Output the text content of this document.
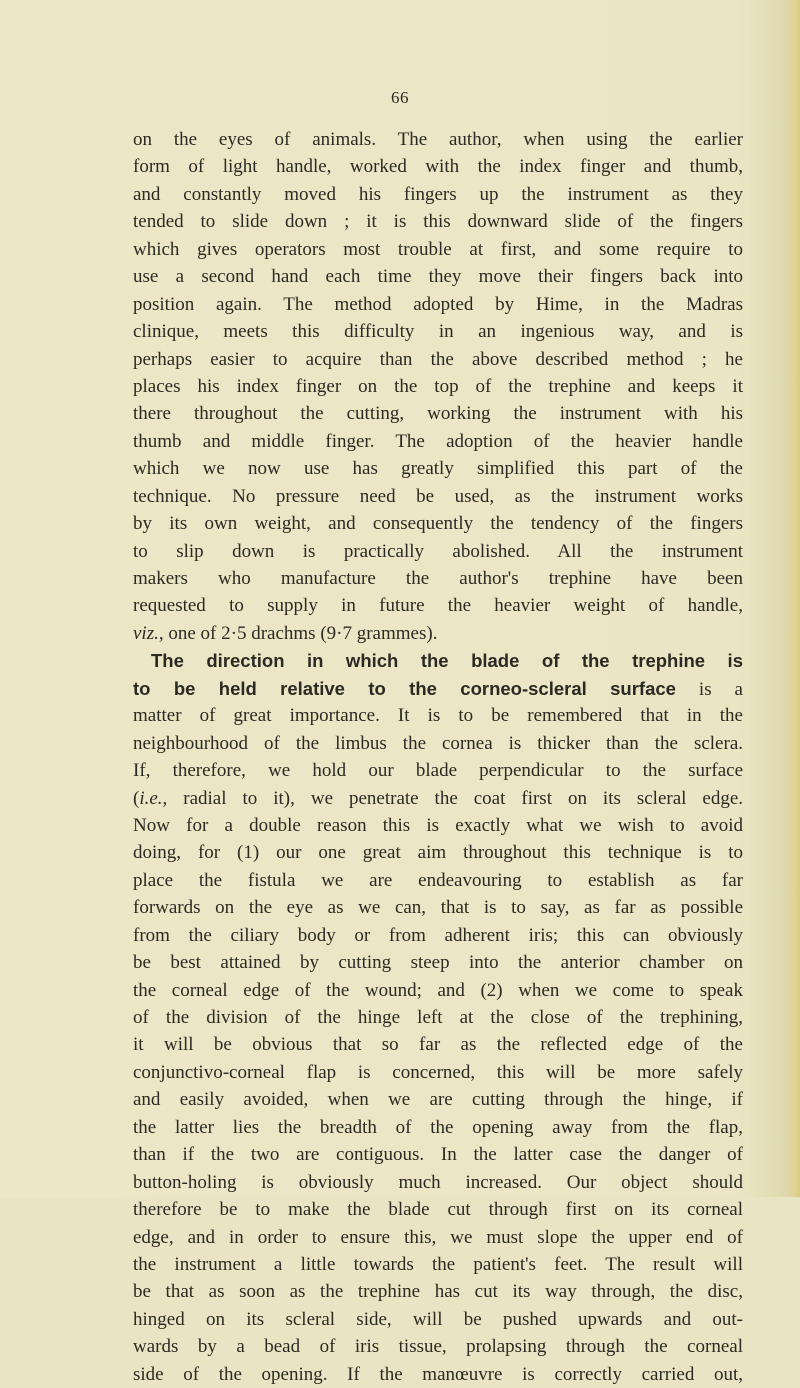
66
on the eyes of animals. The author, when using the earlier
form of light handle, worked with the index finger and thumb,
and constantly moved his fingers up the instrument as they
tended to slide down ; it is this downward slide of the fingers
which gives operators most trouble at first, and some require to
use a second hand each time they move their fingers back into
position again. The method adopted by Hime, in the Madras
clinique, meets this difficulty in an ingenious way, and is
perhaps easier to acquire than the above described method ; he
places his index finger on the top of the trephine and keeps it
there throughout the cutting, working the instrument with his
thumb and middle finger. The adoption of the heavier handle
which we now use has greatly simplified this part of the
technique. No pressure need be used, as the instrument works
by its own weight, and consequently the tendency of the fingers
to slip down is practically abolished. All the instrument
makers who manufacture the author's trephine have been
requested to supply in future the heavier weight of handle,
viz., one of 2·5 drachms (9·7 grammes).
The direction in which the blade of the trephine is
to be held relative to the corneo-scleral surface is a
matter of great importance. It is to be remembered that in the
neighbourhood of the limbus the cornea is thicker than the sclera.
If, therefore, we hold our blade perpendicular to the surface
(i.e., radial to it), we penetrate the coat first on its scleral edge.
Now for a double reason this is exactly what we wish to avoid
doing, for (1) our one great aim throughout this technique is to
place the fistula we are endeavouring to establish as far
forwards on the eye as we can, that is to say, as far as possible
from the ciliary body or from adherent iris; this can obviously
be best attained by cutting steep into the anterior chamber on
the corneal edge of the wound; and (2) when we come to speak
of the division of the hinge left at the close of the trephining,
it will be obvious that so far as the reflected edge of the
conjunctivo-corneal flap is concerned, this will be more safely
and easily avoided, when we are cutting through the hinge, if
the latter lies the breadth of the opening away from the flap,
than if the two are contiguous. In the latter case the danger of
button-holing is obviously much increased. Our object should
therefore be to make the blade cut through first on its corneal
edge, and in order to ensure this, we must slope the upper end of
the instrument a little towards the patient's feet. The result will
be that as soon as the trephine has cut its way through, the disc,
hinged on its scleral side, will be pushed upwards and out-
wards by a bead of iris tissue, prolapsing through the corneal
side of the opening. If the manœuvre is correctly carried out,
